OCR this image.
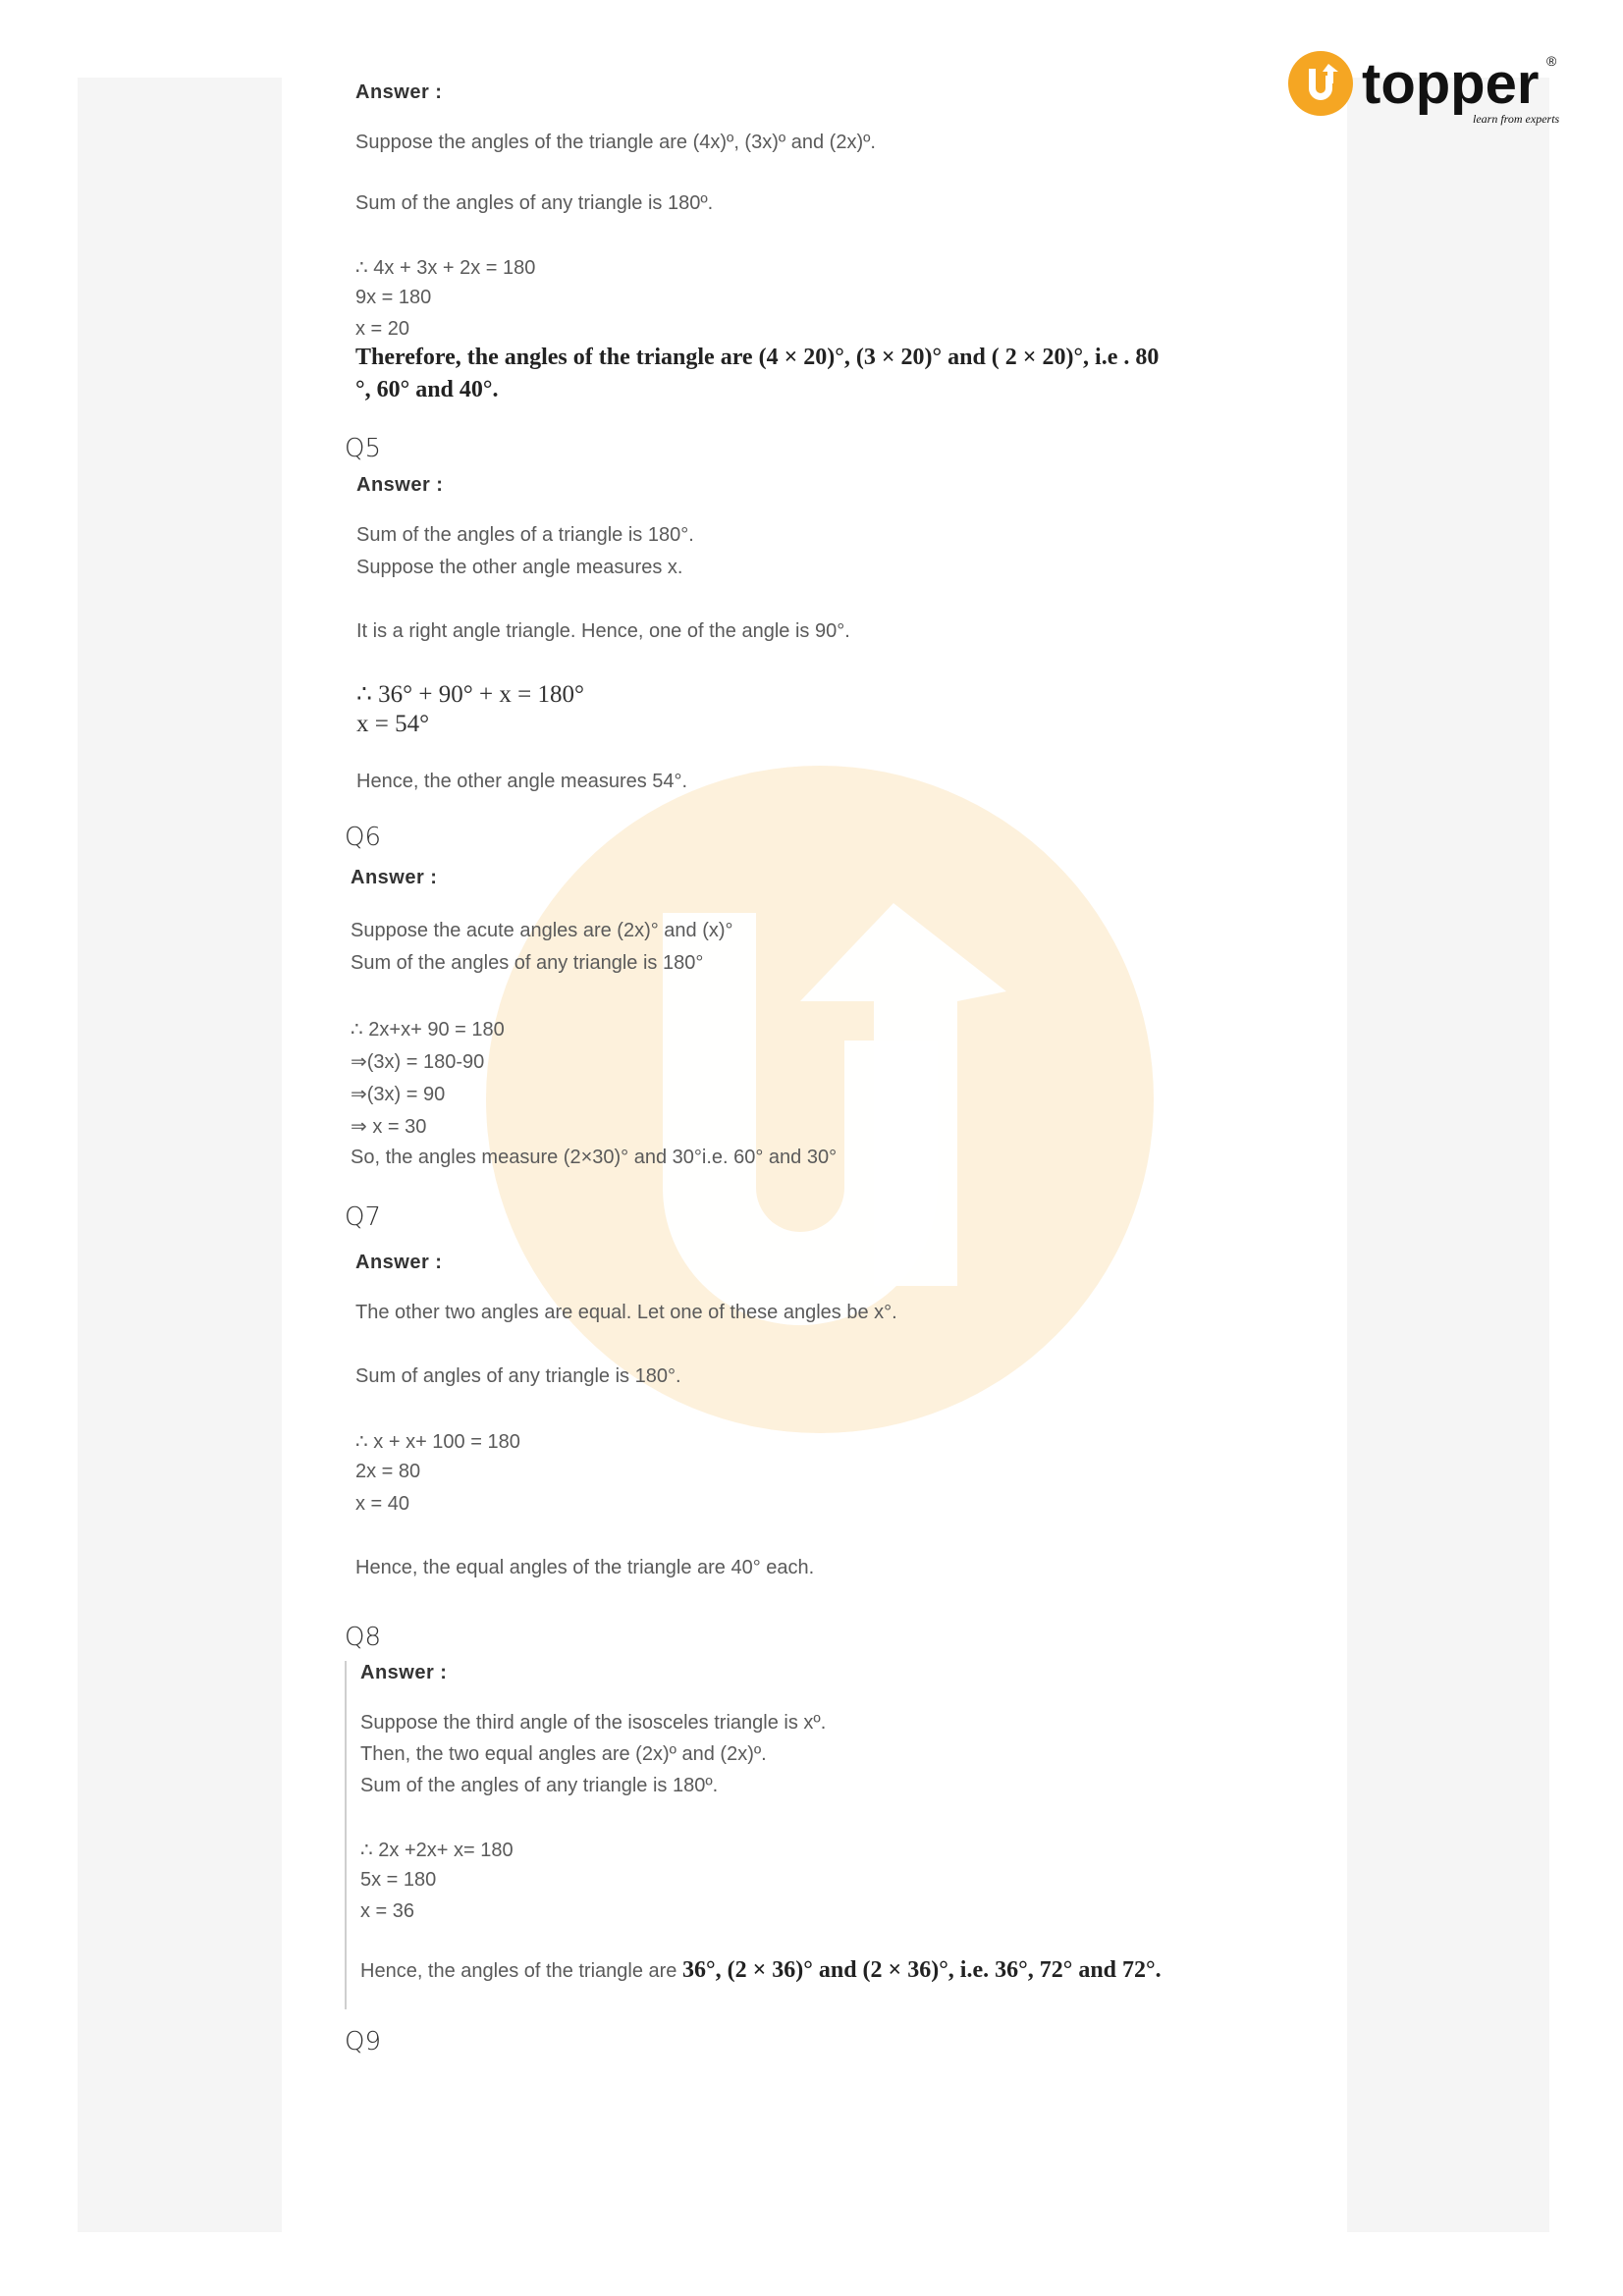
topper ®
learn from experts
Answer :
Suppose the angles of the triangle are (4x)º, (3x)º and (2x)º.
Sum of the angles of any triangle is 180º.
∴ 4x + 3x + 2x = 180
9x = 180
x = 20
Therefore, the angles of the triangle are (4 × 20)°, (3 × 20)° and ( 2 × 20)°, i.e . 80
°, 60° and 40°.
Q5
Answer :
Sum of the angles of a triangle is 180°.
Suppose the other angle measures x.
It is a right angle triangle. Hence, one of the angle is 90°.
∴ 36° + 90° + x = 180°
x = 54°
Hence, the other angle measures 54°.
Q6
Answer :
Suppose the acute angles are (2x)° and (x)°
Sum of the angles of any triangle is 180°
∴ 2x+x+ 90 = 180
⇒(3x) = 180-90
⇒(3x) = 90
⇒ x = 30
So, the angles measure (2×30)° and 30°i.e. 60° and 30°
Q7
Answer :
The other two angles are equal. Let one of these angles be x°.
Sum of angles of any triangle is 180°.
∴ x + x+ 100 = 180
2x = 80
x = 40
Hence, the equal angles of the triangle are 40° each.
Q8
Answer :
Suppose the third angle of the isosceles triangle is xº.
Then, the two equal angles are (2x)º and (2x)º.
Sum of the angles of any triangle is 180º.
∴ 2x +2x+ x= 180
5x = 180
x = 36
Hence, the angles of the triangle are 36°, (2 × 36)° and (2 × 36)°, i.e. 36°, 72° and 72°.
Q9
